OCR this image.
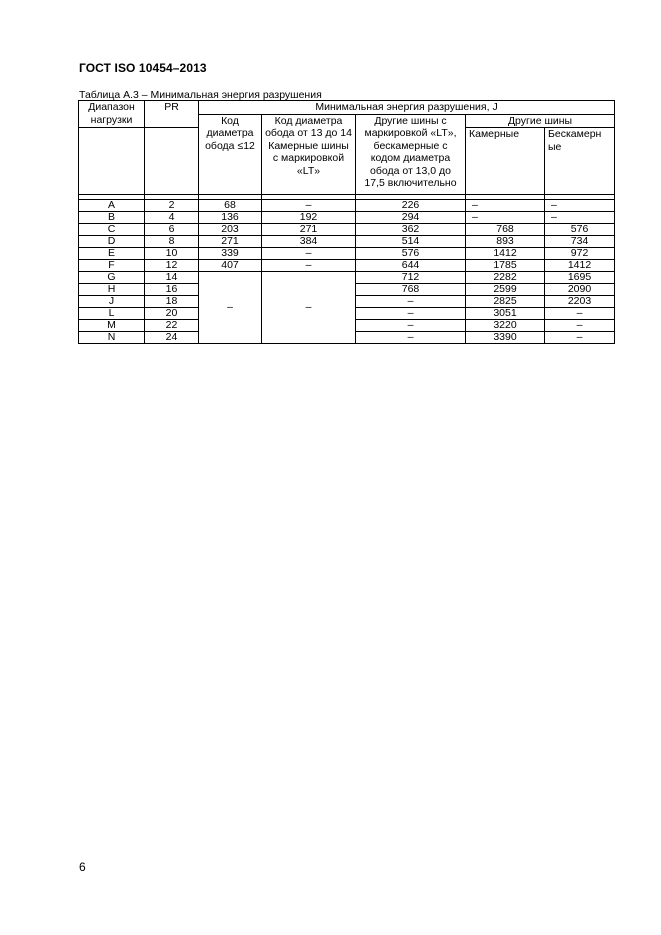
ГОСТ ISO 10454–2013
Таблица А.3 – Минимальная энергия разрушения
Диапазон нагрузки	PR	Минимальная энергия разрушения, J				
		Код диаметра обода ≤12	Код диаметра обода от 13 до 14 Камерные шины с маркировкой «LT»	Другие шины с маркировкой «LT», бескамерные с кодом диаметра обода от 13,0 до 17,5 включительно	Другие шины	
					Камерные	Бескамерн ые

A	2	68	–	226	–	–
B	4	136	192	294	–	–
C	6	203	271	362	768	576
D	8	271	384	514	893	734
E	10	339	–	576	1412	972
F	12	407	–	644	1785	1412
G	14	–	–	712	2282	1695
H	16			768	2599	2090
J	18			–	2825	2203
L	20			–	3051	–
M	22			–	3220	–
N	24			–	3390	–
6
